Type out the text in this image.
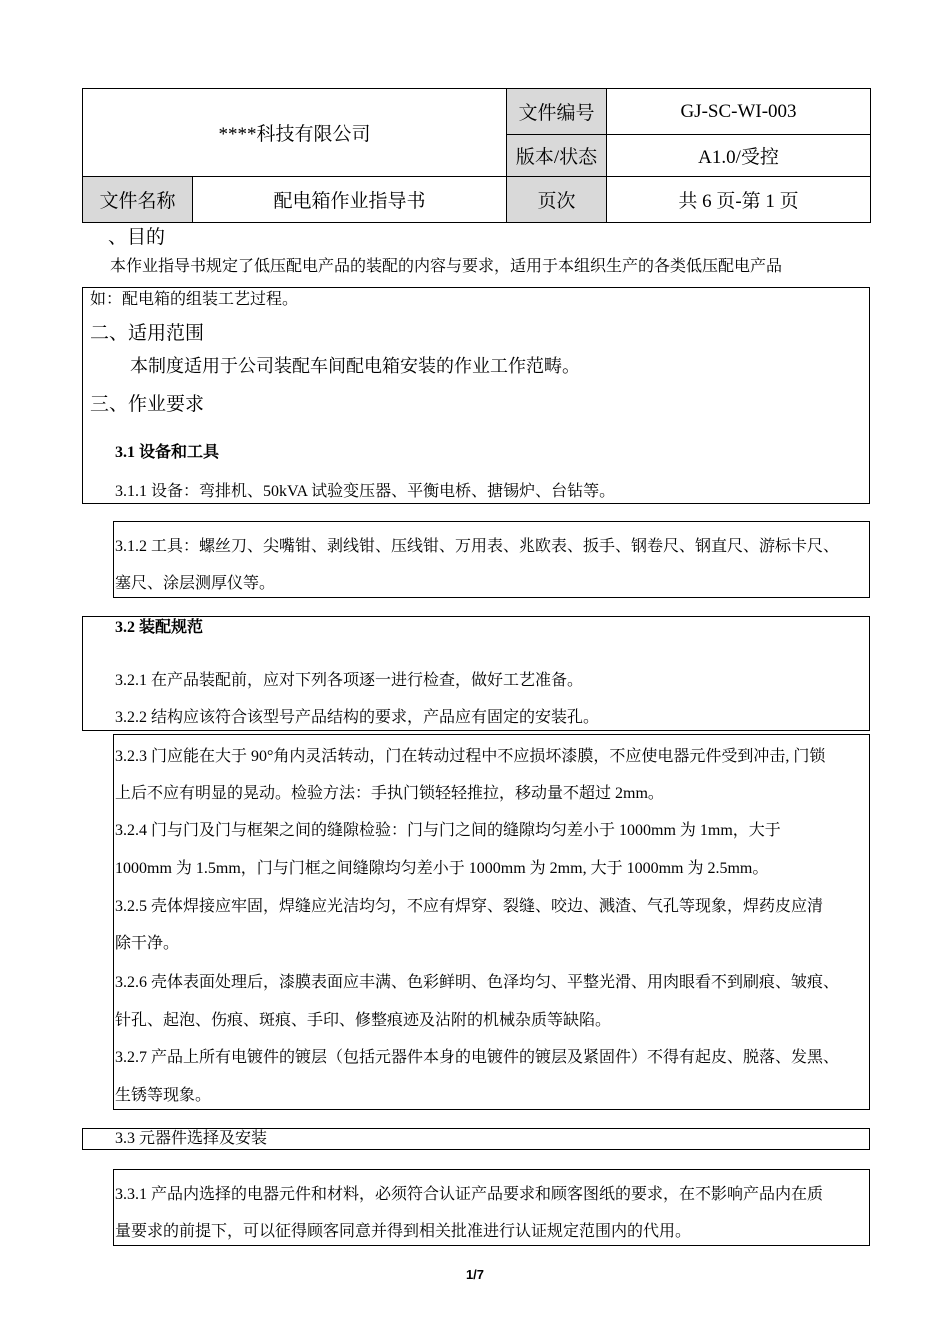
****科技有限公司		文件编号	GJ-SC-WI-003
		版本/状态	A1.0/受控
文件名称	配电箱作业指导书	页次	共 6 页-第 1 页
、目的
本作业指导书规定了低压配电产品的装配的内容与要求，适用于本组织生产的各类低压配电产品
如：配电箱的组装工艺过程。
二、适用范围
本制度适用于公司装配车间配电箱安装的作业工作范畴。
三、作业要求
3.1 设备和工具
3.1.1 设备：弯排机、50kVA 试验变压器、平衡电桥、搪锡炉、台钻等。
3.1.2 工具：螺丝刀、尖嘴钳、剥线钳、压线钳、万用表、兆欧表、扳手、钢卷尺、钢直尺、游标卡尺、
塞尺、涂层测厚仪等。
3.2 装配规范
3.2.1 在产品装配前，应对下列各项逐一进行检查，做好工艺准备。
3.2.2 结构应该符合该型号产品结构的要求，产品应有固定的安装孔。
3.2.3 门应能在大于 90°角内灵活转动，门在转动过程中不应损坏漆膜，不应使电器元件受到冲击, 门锁
上后不应有明显的晃动。检验方法：手执门锁轻轻推拉，移动量不超过 2mm。
3.2.4 门与门及门与框架之间的缝隙检验：门与门之间的缝隙均匀差小于 1000mm 为 1mm，大于
1000mm 为 1.5mm，门与门框之间缝隙均匀差小于 1000mm 为 2mm, 大于 1000mm 为 2.5mm。
3.2.5 壳体焊接应牢固，焊缝应光洁均匀，不应有焊穿、裂缝、咬边、溅渣、气孔等现象，焊药皮应清
除干净。
3.2.6 壳体表面处理后，漆膜表面应丰满、色彩鲜明、色泽均匀、平整光滑、用肉眼看不到刷痕、皱痕、
针孔、起泡、伤痕、斑痕、手印、修整痕迹及沾附的机械杂质等缺陷。
3.2.7 产品上所有电镀件的镀层（包括元器件本身的电镀件的镀层及紧固件）不得有起皮、脱落、发黑、
生锈等现象。
3.3 元器件选择及安装
3.3.1 产品内选择的电器元件和材料，必须符合认证产品要求和顾客图纸的要求，在不影响产品内在质
量要求的前提下，可以征得顾客同意并得到相关批准进行认证规定范围内的代用。
1/7
